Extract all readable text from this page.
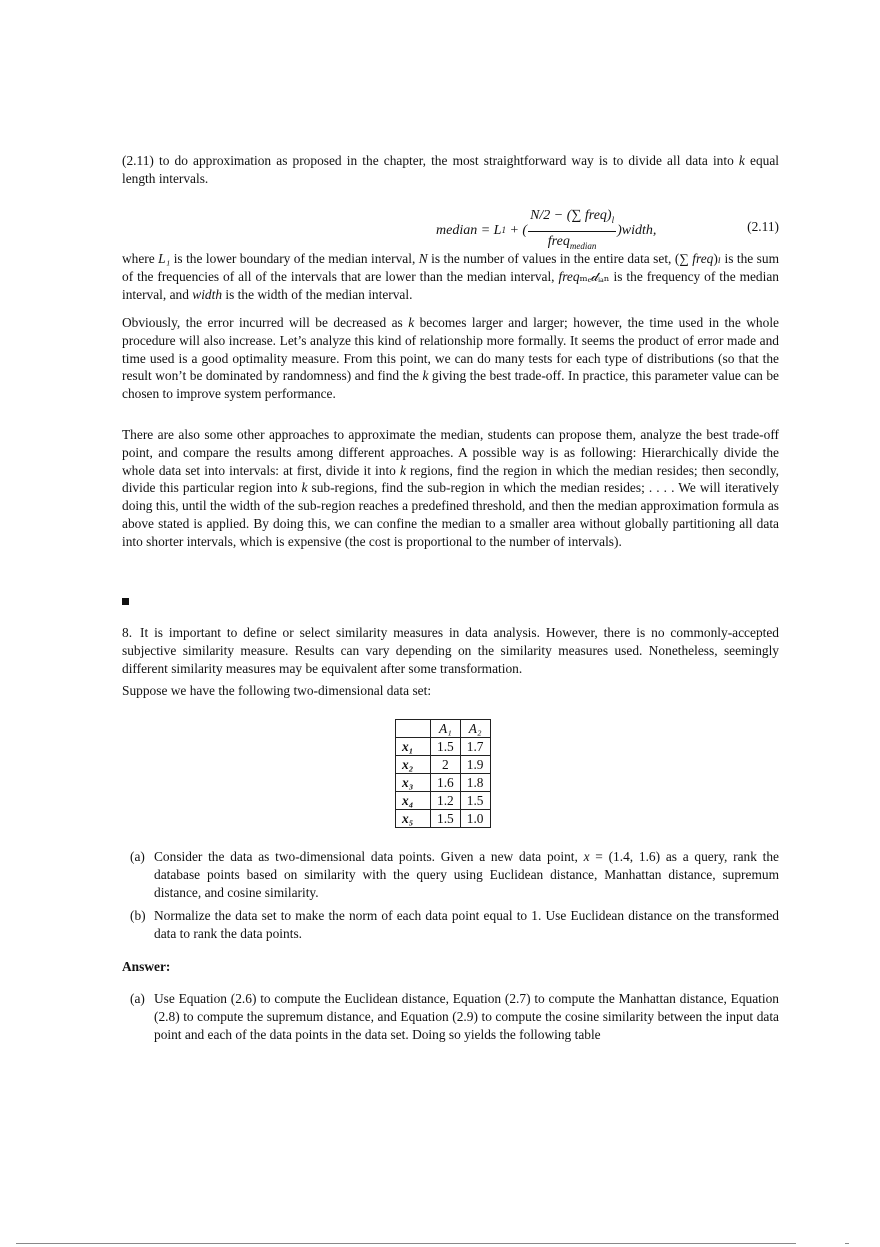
(2.11) to do approximation as proposed in the chapter, the most straightforward way is to divide all data into k equal length intervals.
median = L 1 + ( $\frac{N/2 - (\sum freq)_l}{freq_{median}}$ )width,	(2.11)
where L₁ is the lower boundary of the median interval, N is the number of values in the entire data set, (∑ freq)ₗ is the sum of the frequencies of all of the intervals that are lower than the median interval, freqₘₑ𝒹ᵢₐₙ is the frequency of the median interval, and width is the width of the median interval.
Obviously, the error incurred will be decreased as k becomes larger and larger; however, the time used in the whole procedure will also increase. Let’s analyze this kind of relationship more formally. It seems the product of error made and time used is a good optimality measure. From this point, we can do many tests for each type of distributions (so that the result won’t be dominated by randomness) and find the k giving the best trade-off. In practice, this parameter value can be chosen to improve system performance.
There are also some other approaches to approximate the median, students can propose them, analyze the best trade-off point, and compare the results among different approaches. A possible way is as following: Hierarchically divide the whole data set into intervals: at first, divide it into k regions, find the region in which the median resides; then secondly, divide this particular region into k sub-regions, find the sub-region in which the median resides; . . . . We will iteratively doing this, until the width of the sub-region reaches a predefined threshold, and then the median approximation formula as above stated is applied. By doing this, we can confine the median to a smaller area without globally partitioning all data into shorter intervals, which is expensive (the cost is proportional to the number of intervals).
8. It is important to define or select similarity measures in data analysis. However, there is no commonly-accepted subjective similarity measure. Results can vary depending on the similarity measures used. Nonetheless, seemingly different similarity measures may be equivalent after some transformation.
Suppose we have the following two-dimensional data set:
	A₁	A₂
x₁	1.5	1.7
x₂	2	1.9
x₃	1.6	1.8
x₄	1.2	1.5
x₅	1.5	1.0
(a) Consider the data as two-dimensional data points. Given a new data point, x = (1.4, 1.6) as a query, rank the database points based on similarity with the query using Euclidean distance, Manhattan distance, supremum distance, and cosine similarity.
(b) Normalize the data set to make the norm of each data point equal to 1. Use Euclidean distance on the transformed data to rank the data points.
Answer:
(a) Use Equation (2.6) to compute the Euclidean distance, Equation (2.7) to compute the Manhattan distance, Equation (2.8) to compute the supremum distance, and Equation (2.9) to compute the cosine similarity between the input data point and each of the data points in the data set. Doing so yields the following table
